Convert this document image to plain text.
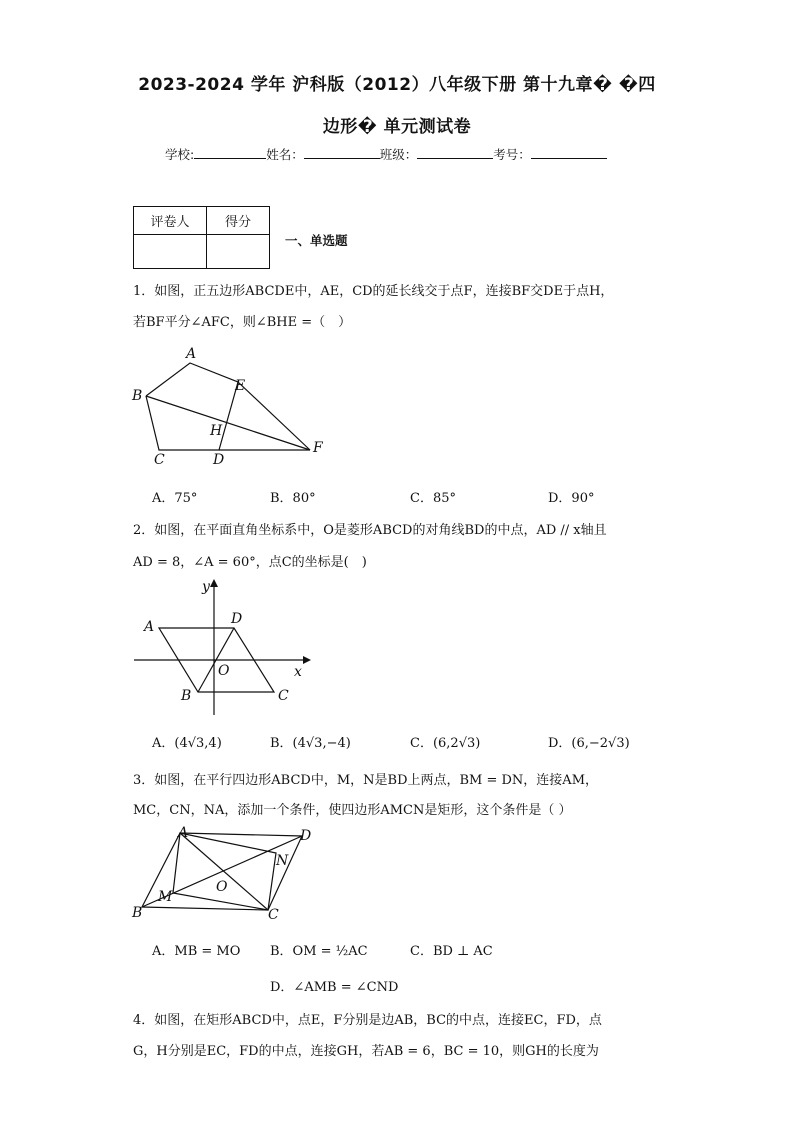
2023-2024 学年 沪科版（2012）八年级下册 第十九章� �四
边形� 单元测试卷
学校:	姓名：	班级：	考号：
评卷人	得分

一、单选题
1．如图，正五边形ABCDE中，AE，CD的延长线交于点F，连接BF交DE于点H，
若BF平分∠AFC，则∠BHE =（　）
A
B
C	D
E
F
H
A．75°	B．80°	C．85°	D．90°
2．如图，在平面直角坐标系中，O是菱形ABCD的对角线BD的中点，AD // x轴且
AD = 8，∠A = 60°，点C的坐标是(　)
y
A	D
O	x
B	C
A．(4√3,4)	B．(4√3,−4)	C．(6,2√3)	D．(6,−2√3)
3．如图，在平行四边形ABCD中，M，N是BD上两点，BM = DN，连接AM，
MC，CN，NA，添加一个条件，使四边形AMCN是矩形，这个条件是（ ）
A	D
N
O
M
B	C
A．MB = MO B．OM = ½AC	C．BD ⊥ AC
D．∠AMB = ∠CND
4．如图，在矩形ABCD中，点E，F分别是边AB，BC的中点，连接EC，FD，点
G，H分别是EC，FD的中点，连接GH，若AB = 6，BC = 10，则GH的长度为
